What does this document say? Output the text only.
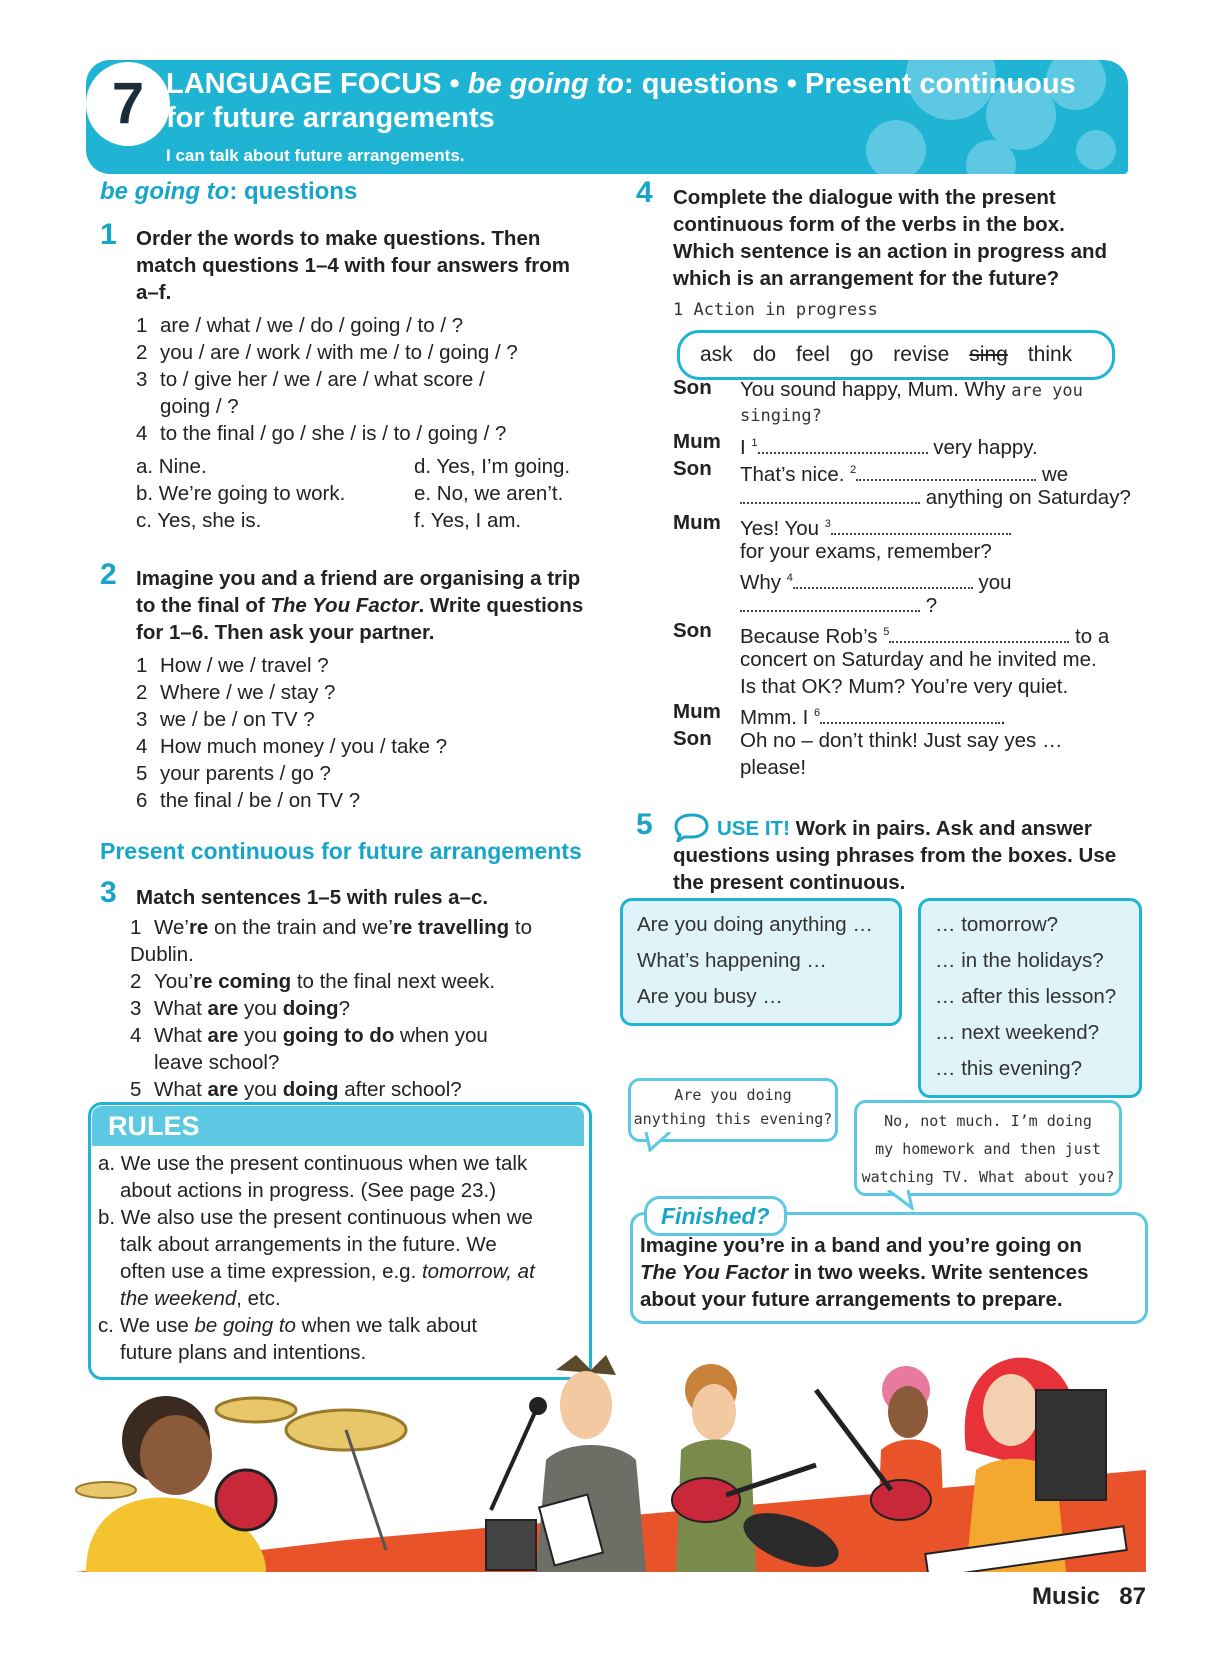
7 LANGUAGE FOCUS • be going to: questions • Present continuous
for future arrangements
I can talk about future arrangements.
be going to: questions
1 Order the words to make questions. Then
match questions 1–4 with four answers from
a–f.
1 are / what / we / do / going / to / ?
2 you / are / work / with me / to / going / ?
3 to / give her / we / are / what score /
going / ?
4 to the final / go / she / is / to / going / ?
a. Nine.
b. We’re going to work.
c. Yes, she is.
d. Yes, I’m going.
e. No, we aren’t.
f. Yes, I am.
2 Imagine you and a friend are organising a trip
to the final of The You Factor. Write questions
for 1–6. Then ask your partner.
1 How / we / travel ?
2 Where / we / stay ?
3 we / be / on TV ?
4 How much money / you / take ?
5 your parents / go ?
6 the final / be / on TV ?
Present continuous for future arrangements
3 Match sentences 1–5 with rules a–c.
1 We’re on the train and we’re travelling to Dublin.
2 You’re coming to the final next week.
3 What are you doing?
4 What are you going to do when you
leave school?
5 What are you doing after school?
RULES
a. We use the present continuous when we talk
about actions in progress. (See page 23.)
b. We also use the present continuous when we
talk about arrangements in the future. We
often use a time expression, e.g. tomorrow, at
the weekend, etc.
c. We use be going to when we talk about
future plans and intentions.
4 Complete the dialogue with the present
continuous form of the verbs in the box.
Which sentence is an action in progress and
which is an arrangement for the future?
1 Action in progress
ask do feel go revise sing think
Son You sound happy, Mum. Why are you
singing?
Mum I $^1$	very happy.
Son That’s nice. $^2$	we
anything on Saturday?
Mum Yes! You $^3$
for your exams, remember?
Why $^4$	you
?
Son Because Rob’s $^5$	to a
concert on Saturday and he invited me.
Is that OK? Mum? You’re very quiet.
Mum Mmm. I $^6$	.
Son Oh no – don’t think! Just say yes …
please!
5	USE IT! Work in pairs. Ask and answer
questions using phrases from the boxes. Use
the present continuous.
Are you doing anything …
What’s happening …
Are you busy …
… tomorrow?
… in the holidays?
… after this lesson?
… next weekend?
… this evening?
Are you doing
anything this evening?	No, not much. I’m doing
my homework and then just
watching TV. What about you?
Finished?
Imagine you’re in a band and you’re going on
The You Factor in two weeks. Write sentences
about your future arrangements to prepare.
Music 87
